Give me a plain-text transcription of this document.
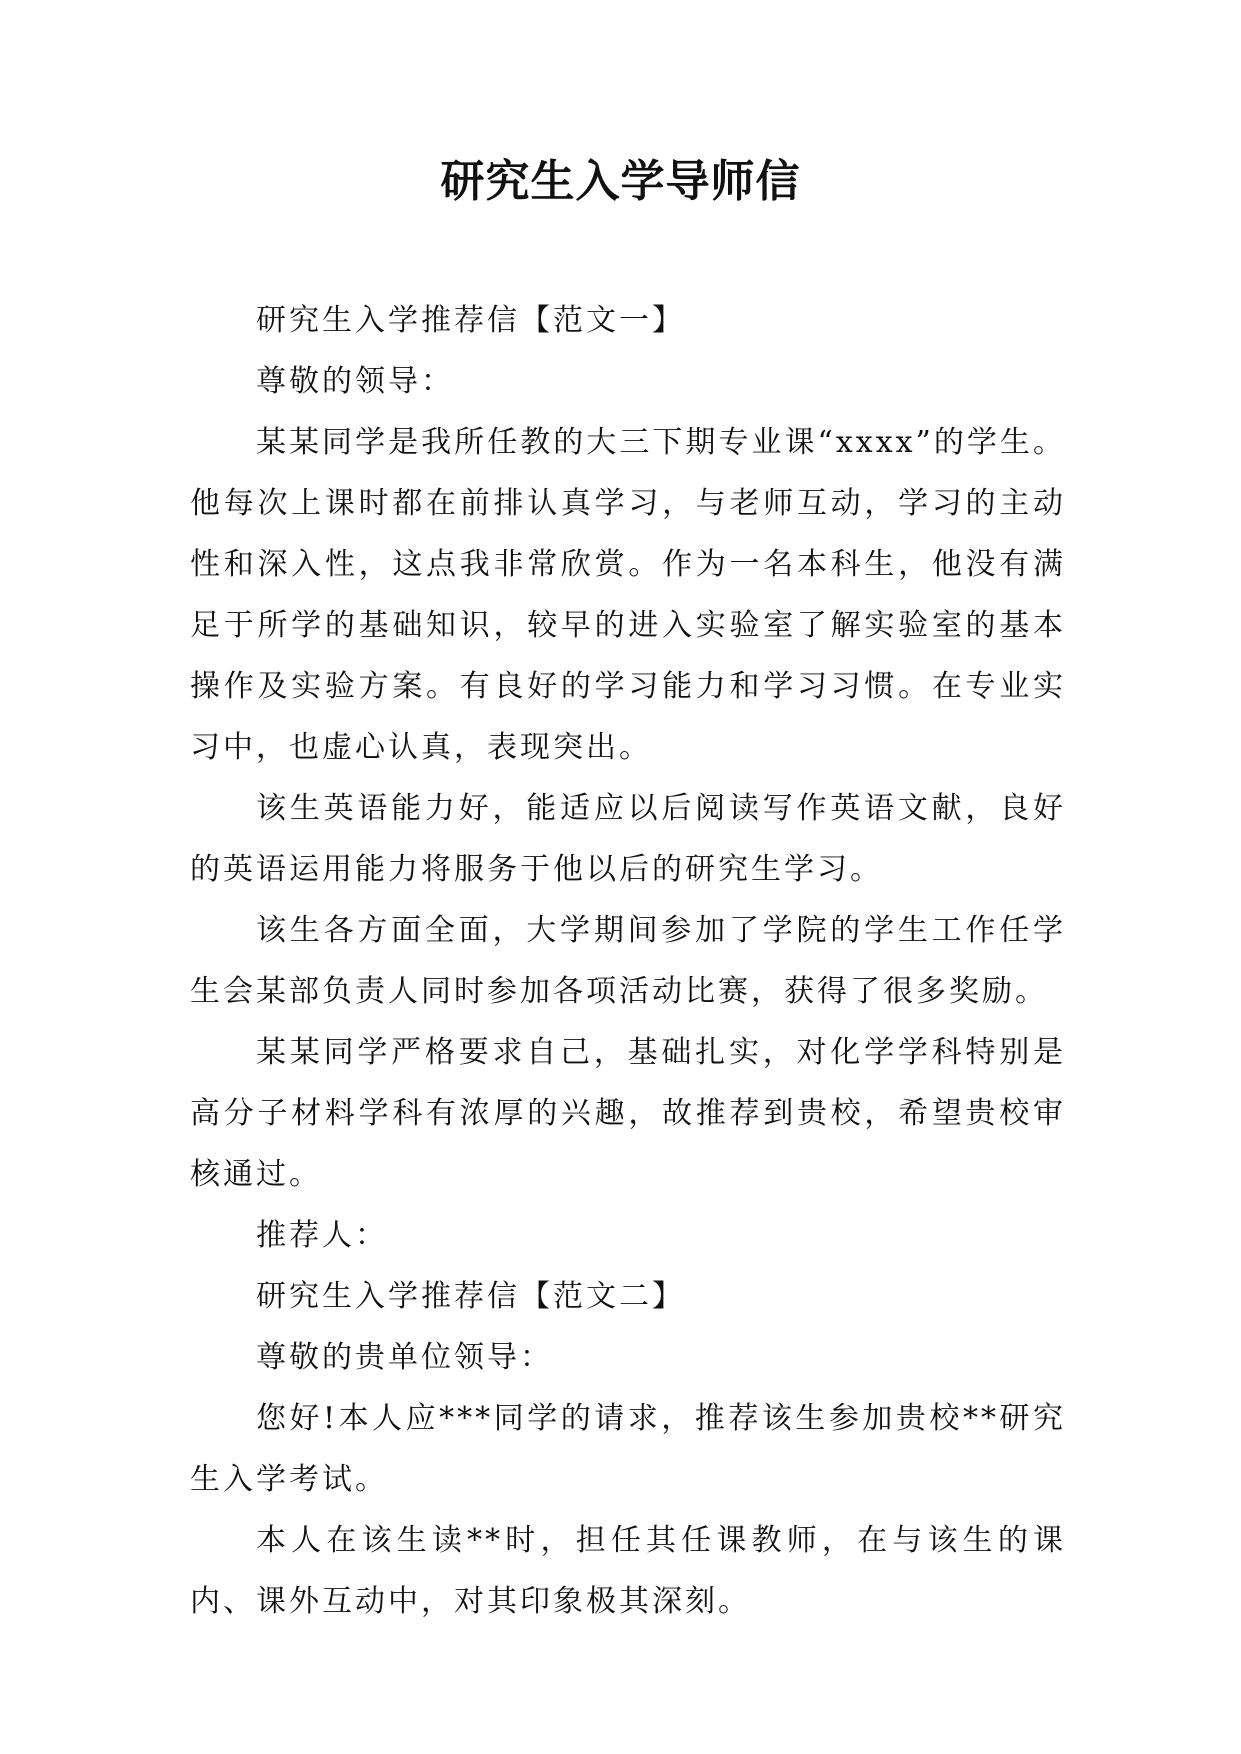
研究生入学导师信

研究生入学推荐信【范文一】

尊敬的领导：

某某同学是我所任教的大三下期专业课“xxxx”的学生。他每次上课时都在前排认真学习，与老师互动，学习的主动性和深入性，这点我非常欣赏。作为一名本科生，他没有满足于所学的基础知识，较早的进入实验室了解实验室的基本操作及实验方案。有良好的学习能力和学习习惯。在专业实习中，也虚心认真，表现突出。

该生英语能力好，能适应以后阅读写作英语文献，良好的英语运用能力将服务于他以后的研究生学习。

该生各方面全面，大学期间参加了学院的学生工作任学生会某部负责人同时参加各项活动比赛，获得了很多奖励。

某某同学严格要求自己，基础扎实，对化学学科特别是高分子材料学科有浓厚的兴趣，故推荐到贵校，希望贵校审核通过。

推荐人：

研究生入学推荐信【范文二】

尊敬的贵单位领导：

您好!本人应***同学的请求，推荐该生参加贵校**研究生入学考试。

本人在该生读**时，担任其任课教师，在与该生的课内、课外互动中，对其印象极其深刻。
